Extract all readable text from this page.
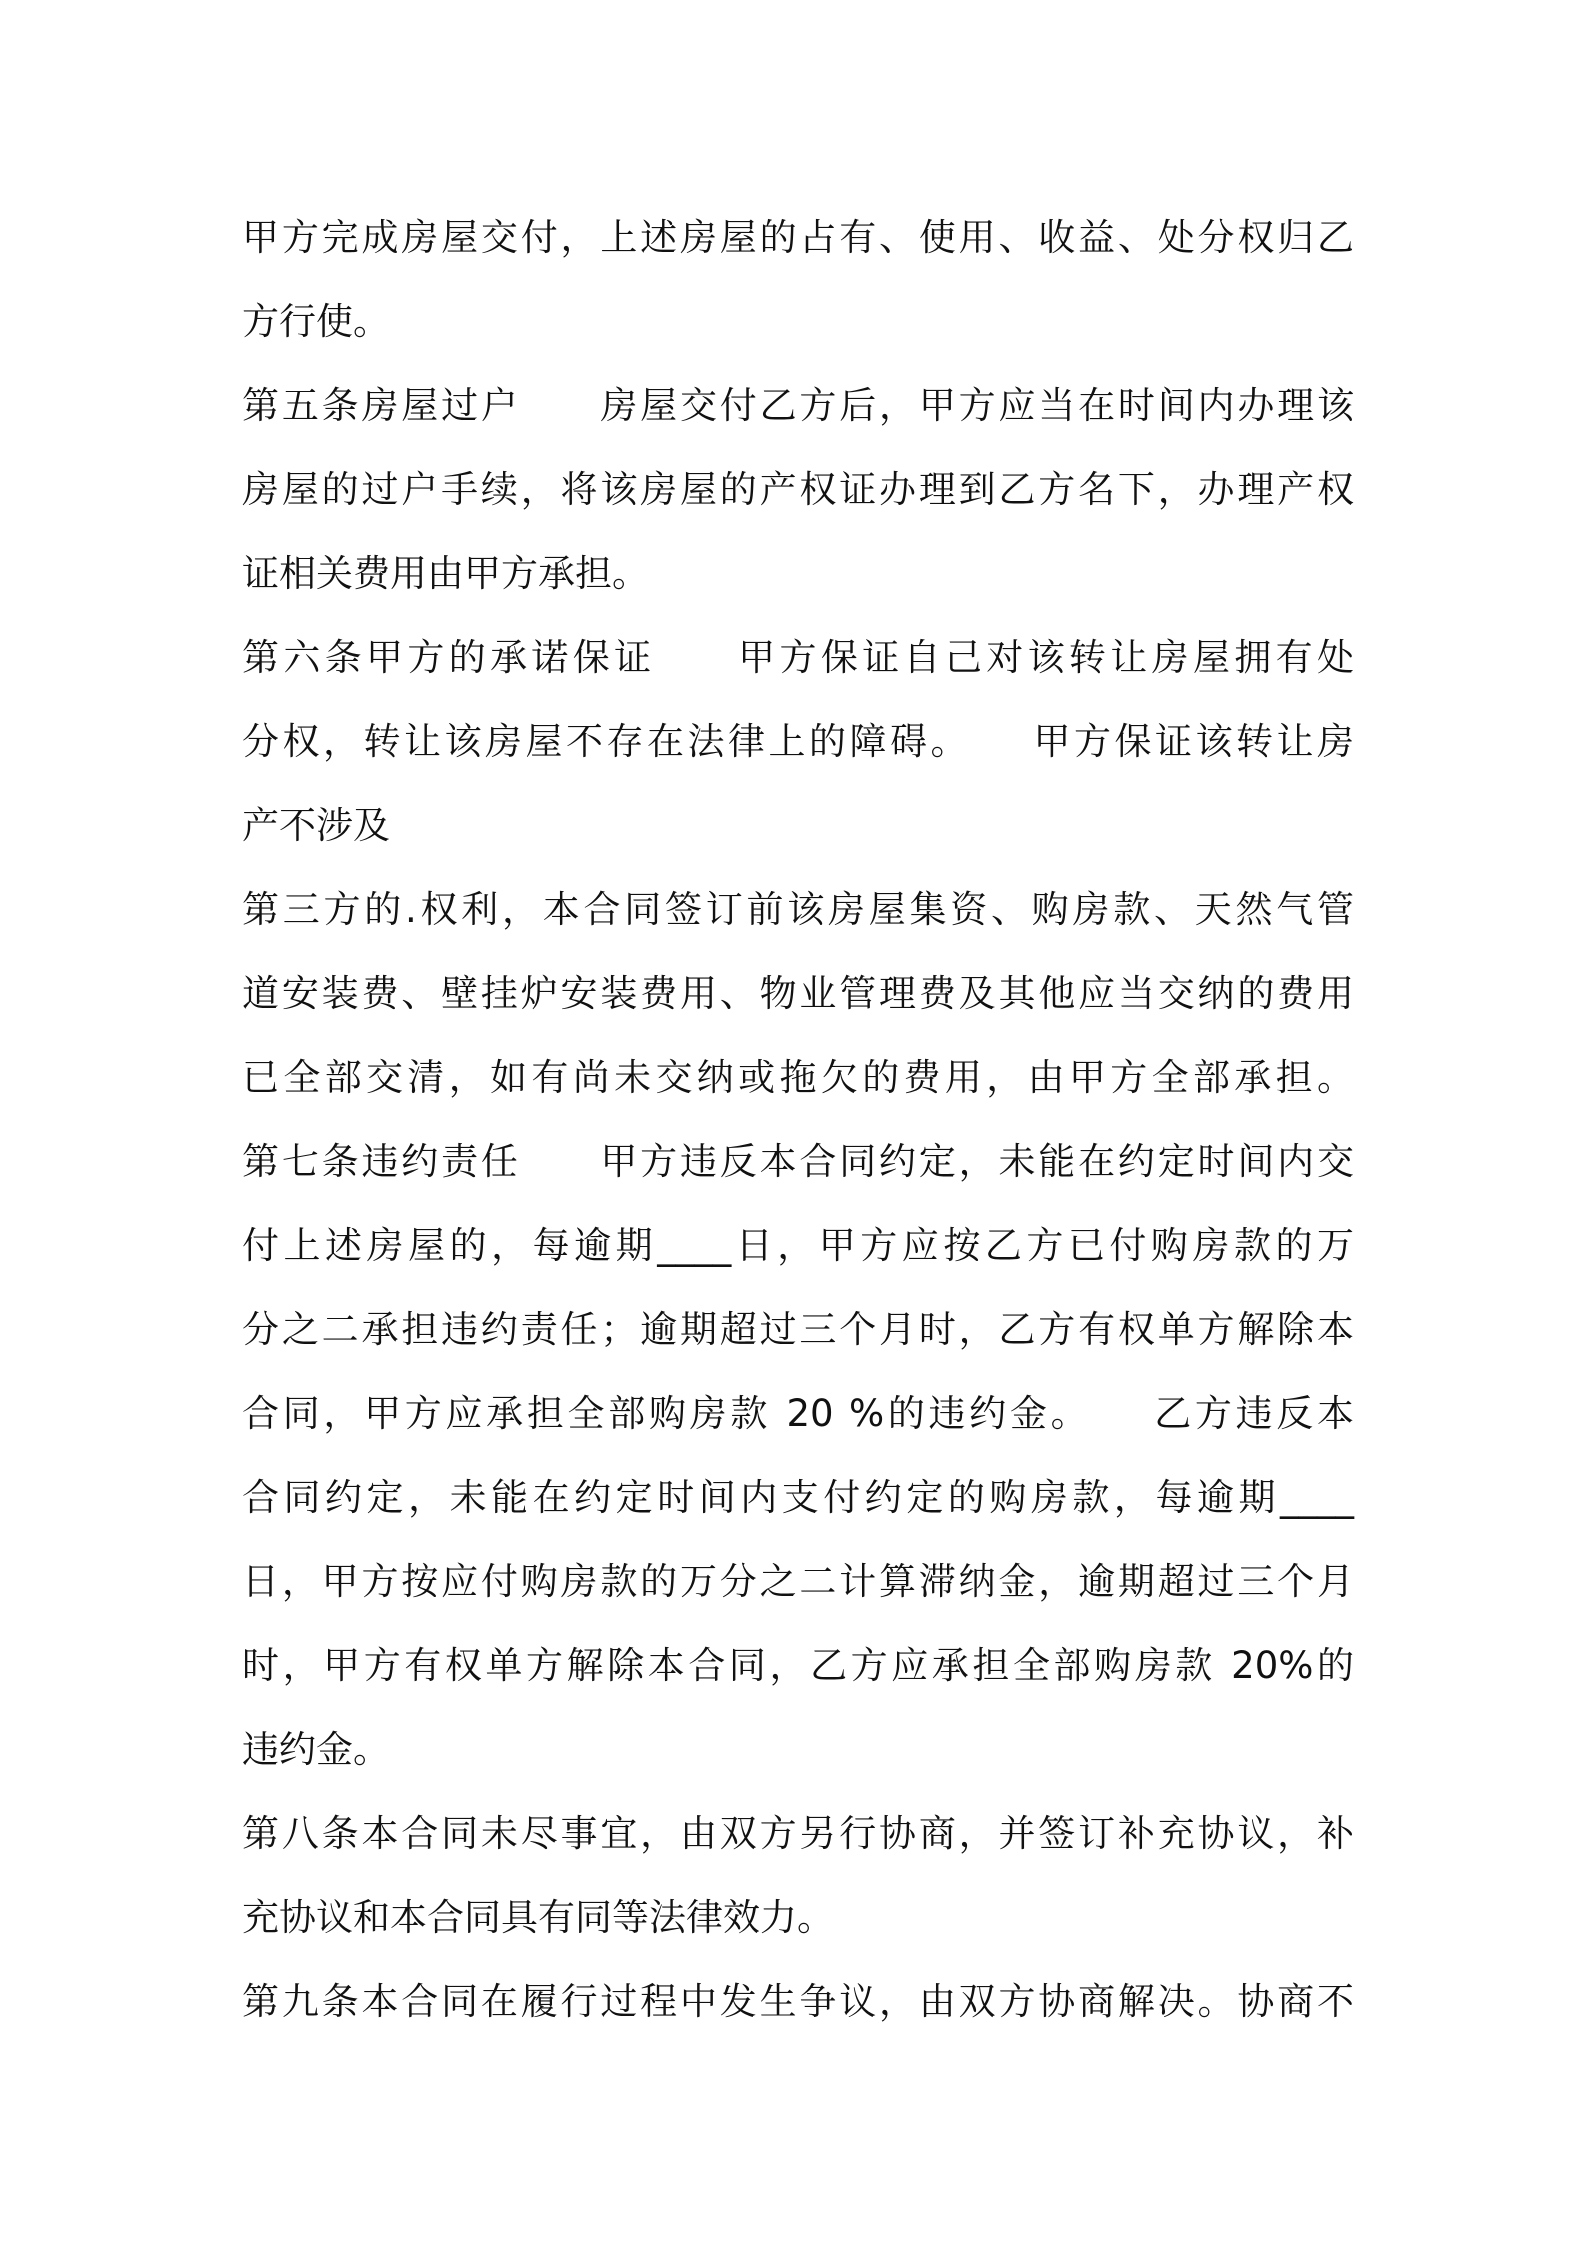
甲方完成房屋交付，上述房屋的占有、使用、收益、处分权归乙
方行使。
第五条房屋过户　　房屋交付乙方后，甲方应当在时间内办理该
房屋的过户手续，将该房屋的产权证办理到乙方名下，办理产权
证相关费用由甲方承担。
第六条甲方的承诺保证　　甲方保证自己对该转让房屋拥有处
分权，转让该房屋不存在法律上的障碍。　　甲方保证该转让房
产不涉及
第三方的.权利，本合同签订前该房屋集资、购房款、天然气管
道安装费、壁挂炉安装费用、物业管理费及其他应当交纳的费用
已全部交清，如有尚未交纳或拖欠的费用，由甲方全部承担。
第七条违约责任　　甲方违反本合同约定，未能在约定时间内交
付上述房屋的，每逾期____日，甲方应按乙方已付购房款的万
分之二承担违约责任；逾期超过三个月时，乙方有权单方解除本
合同，甲方应承担全部购房款 20 %的违约金。　　乙方违反本
合同约定，未能在约定时间内支付约定的购房款，每逾期____
日，甲方按应付购房款的万分之二计算滞纳金，逾期超过三个月
时，甲方有权单方解除本合同，乙方应承担全部购房款 20%的
违约金。
第八条本合同未尽事宜，由双方另行协商，并签订补充协议，补
充协议和本合同具有同等法律效力。
第九条本合同在履行过程中发生争议，由双方协商解决。协商不
